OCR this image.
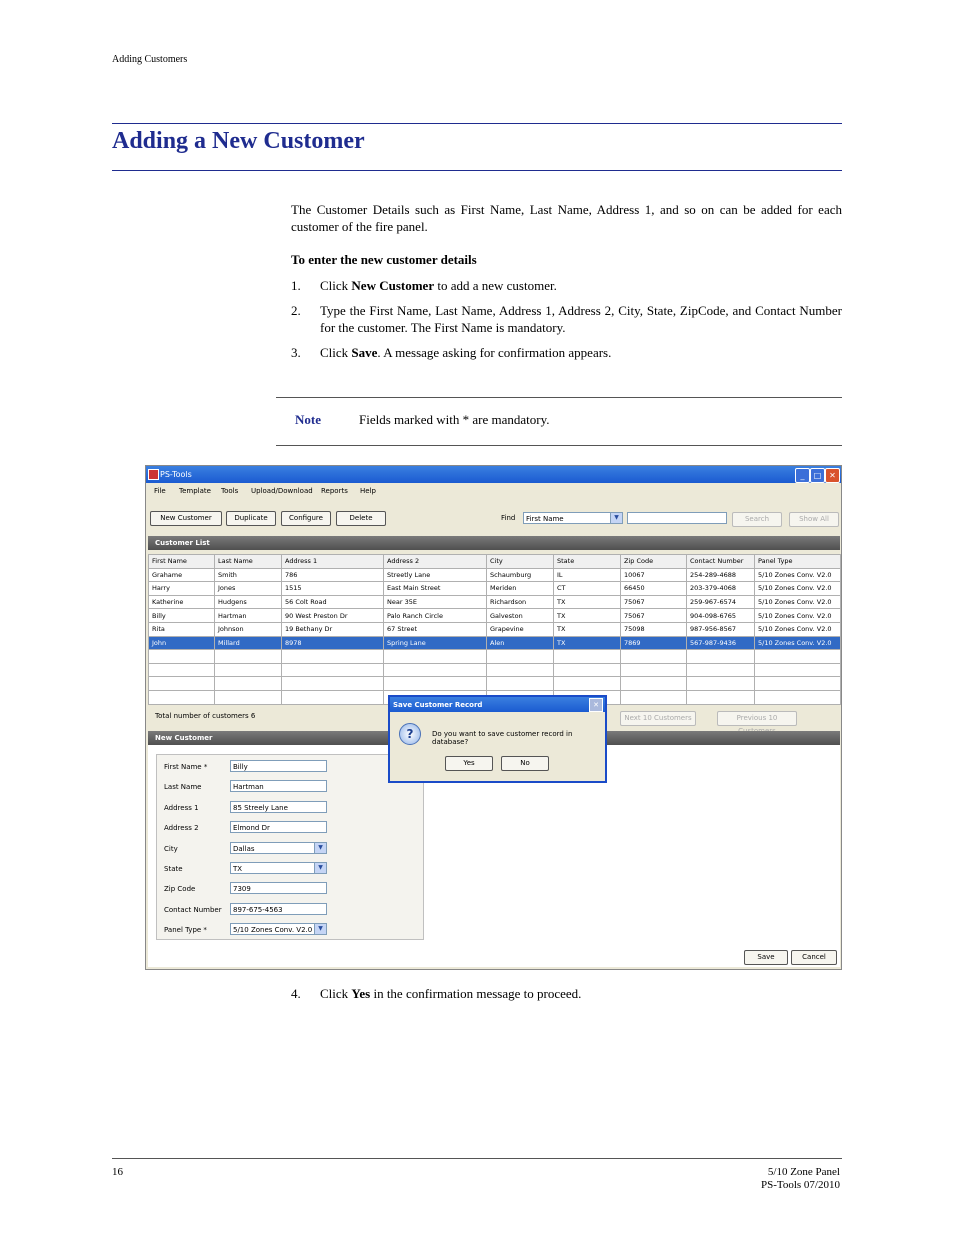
Adding Customers
Adding a New Customer
The Customer Details such as First Name, Last Name, Address 1, and so on can be added for each customer of the fire panel.
To enter the new customer details
1. Click New Customer to add a new customer.
2. Type the First Name, Last Name, Address 1, Address 2, City, State, ZipCode, and Contact Number for the customer. The First Name is mandatory.
3. Click Save. A message asking for confirmation appears.
Note	Fields marked with * are mandatory.
PS-Tools	_	□ ✕
File Template Tools Upload/Download Reports Help
New Customer	Duplicate	Configure	Delete	Find	First Name	▼	Search	Show All
Customer List
First Name	Last Name	Address 1	Address 2	City	State	Zip Code	Contact Number	Panel Type
Grahame	Smith	786	Streetly Lane	Schaumburg	IL	10067	254-289-4688	5/10 Zones Conv. V2.0
Harry	Jones	1515	East Main Street	Meriden	CT	66450	203-379-4068	5/10 Zones Conv. V2.0
Katherine	Hudgens	56 Colt Road	Near 35E	Richardson	TX	75067	259-967-6574	5/10 Zones Conv. V2.0
Billy	Hartman	90 West Preston Dr	Palo Ranch Circle	Galveston	TX	75067	904-098-6765	5/10 Zones Conv. V2.0
Rita	Johnson	19 Bethany Dr	67 Street	Grapevine	TX	75098	987-956-8567	5/10 Zones Conv. V2.0
John	Millard	8978	Spring Lane	Alen	TX	7869	567-987-9436	5/10 Zones Conv. V2.0

Total number of customers 6	Next 10 Customers	Previous 10
New Customer
First Name *	Billy
Last Name	Hartman
Address 1	85 Streely Lane
Address 2	Elmond Dr
City	Dallas	▼
State	TX	▼
Zip Code	7309
Contact Number	897-675-4563
Panel Type *	5/10 Zones Conv. V2.0 ▼
Save	Cancel
Save Customer Record	✕
?	Do you want to save customer record in database?
Yes	No
4. Click Yes in the confirmation message to proceed.
16	5/10 Zone Panel
PS-Tools 07/2010
